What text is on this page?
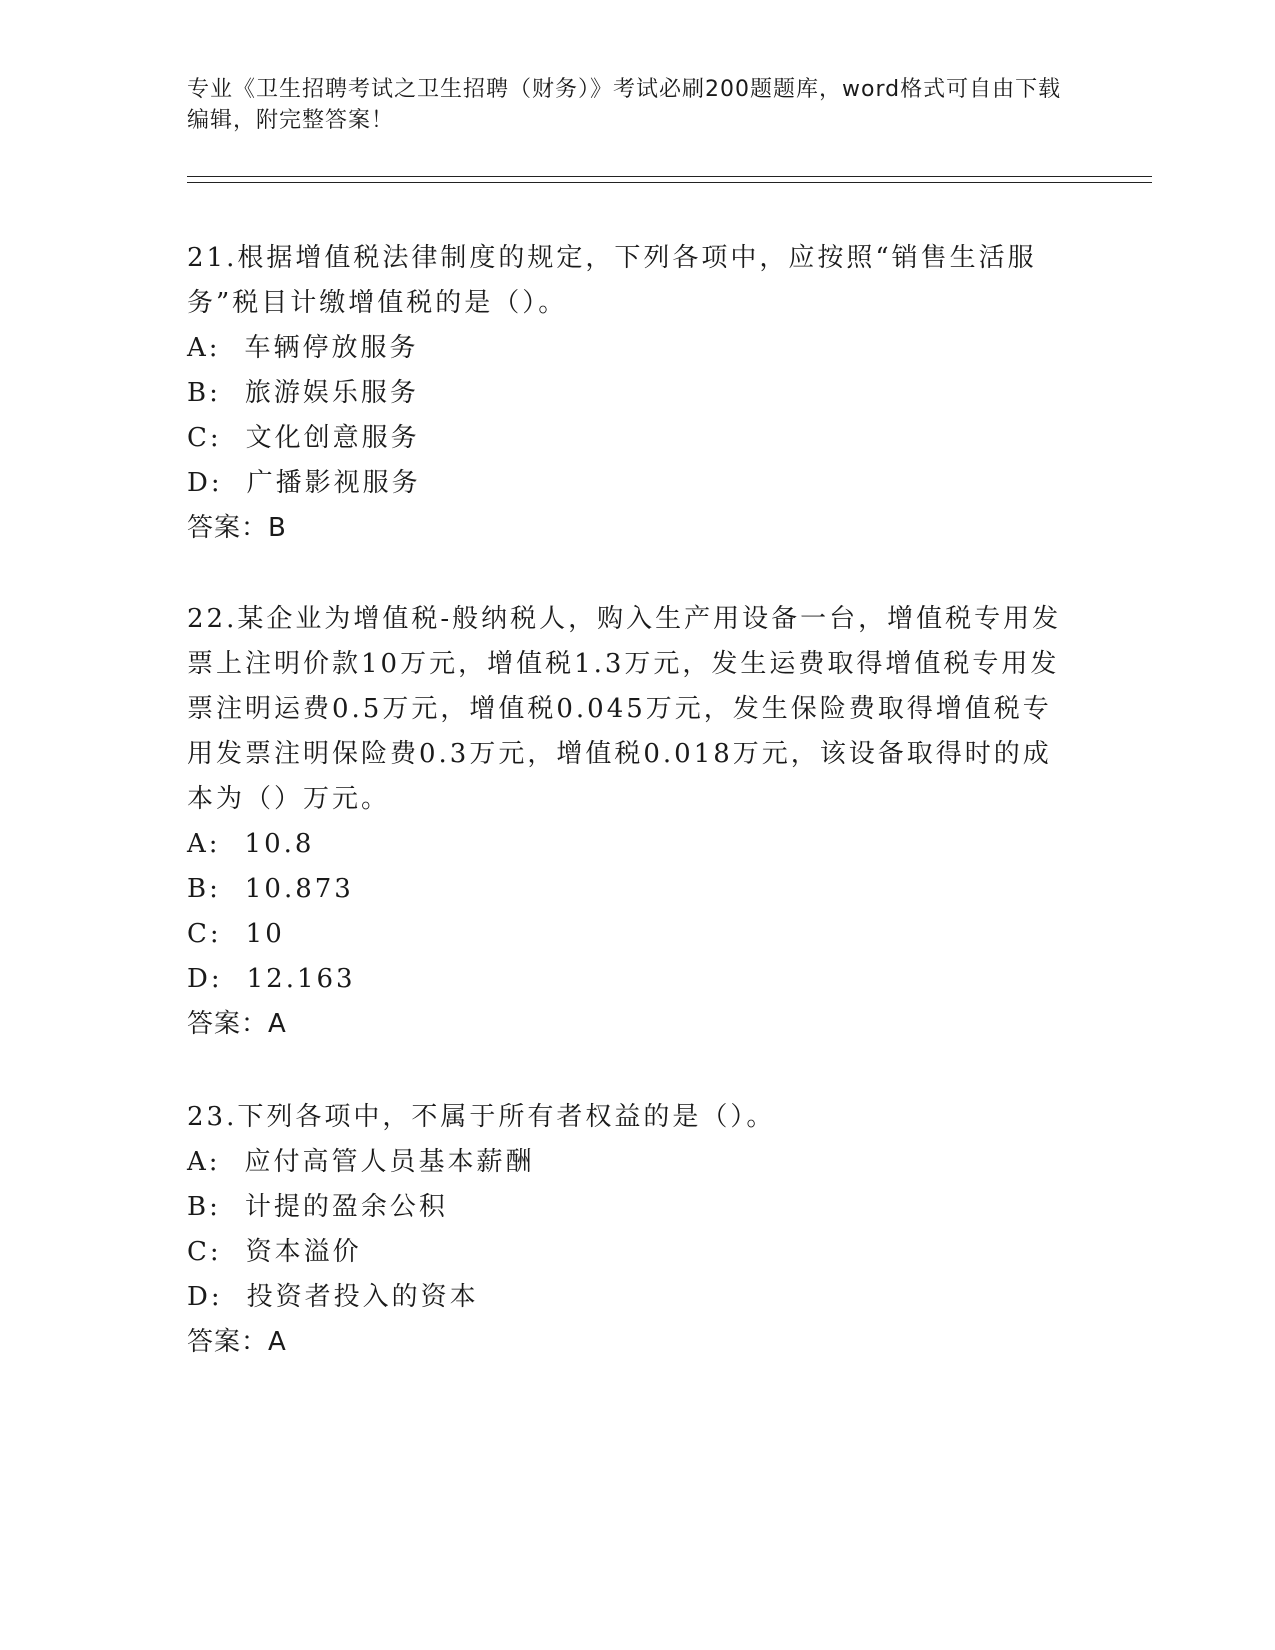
专业《卫生招聘考试之卫生招聘（财务）》考试必刷200题题库，word格式可自由下载编辑，附完整答案！
21.根据增值税法律制度的规定，下列各项中，应按照“销售生活服务”税目计缴增值税的是（）。
A: 车辆停放服务
B: 旅游娱乐服务
C: 文化创意服务
D: 广播影视服务
答案：B
22.某企业为增值税-般纳税人，购入生产用设备一台，增值税专用发票上注明价款10万元，增值税1.3万元，发生运费取得增值税专用发票注明运费0.5万元，增值税0.045万元，发生保险费取得增值税专用发票注明保险费0.3万元，增值税0.018万元，该设备取得时的成本为（）万元。
A: 10.8
B: 10.873
C: 10
D: 12.163
答案：A
23.下列各项中，不属于所有者权益的是（）。
A: 应付高管人员基本薪酬
B: 计提的盈余公积
C: 资本溢价
D: 投资者投入的资本
答案：A
